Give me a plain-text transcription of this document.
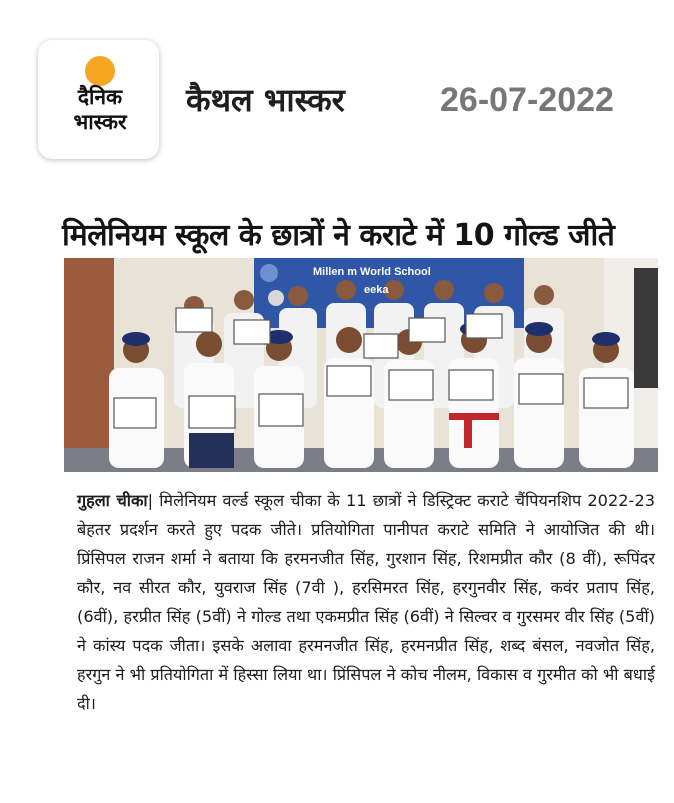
दैनिक
भास्कर
कैथल भास्कर	26-07-2022
मिलेनियम स्कूल के छात्रों ने कराटे में 10 गोल्ड जीते
Millen m World School
eeka
गुहला चीका| मिलेनियम वर्ल्ड स्कूल चीका के 11 छात्रों ने डिस्ट्रिक्ट कराटे चैंपियनशिप 2022-23 बेहतर प्रदर्शन करते हुए पदक जीते। प्रतियोगिता पानीपत कराटे समिति ने आयोजित की थी। प्रिंसिपल राजन शर्मा ने बताया कि हरमनजीत सिंह, गुरशान सिंह, रिशमप्रीत कौर (8 वीं), रूपिंदर कौर, नव सीरत कौर, युवराज सिंह (7वी ), हरसिमरत सिंह, हरगुनवीर सिंह, कवंर प्रताप सिंह,(6वीं), हरप्रीत सिंह (5वीं) ने गोल्ड तथा एकमप्रीत सिंह (6वीं) ने सिल्वर व गुरसमर वीर सिंह (5वीं) ने कांस्य पदक जीता। इसके अलावा हरमनजीत सिंह, हरमनप्रीत सिंह, शब्द बंसल, नवजोत सिंह, हरगुन ने भी प्रतियोगिता में हिस्सा लिया था। प्रिंसिपल ने कोच नीलम, विकास व गुरमीत को भी बधाई दी।
